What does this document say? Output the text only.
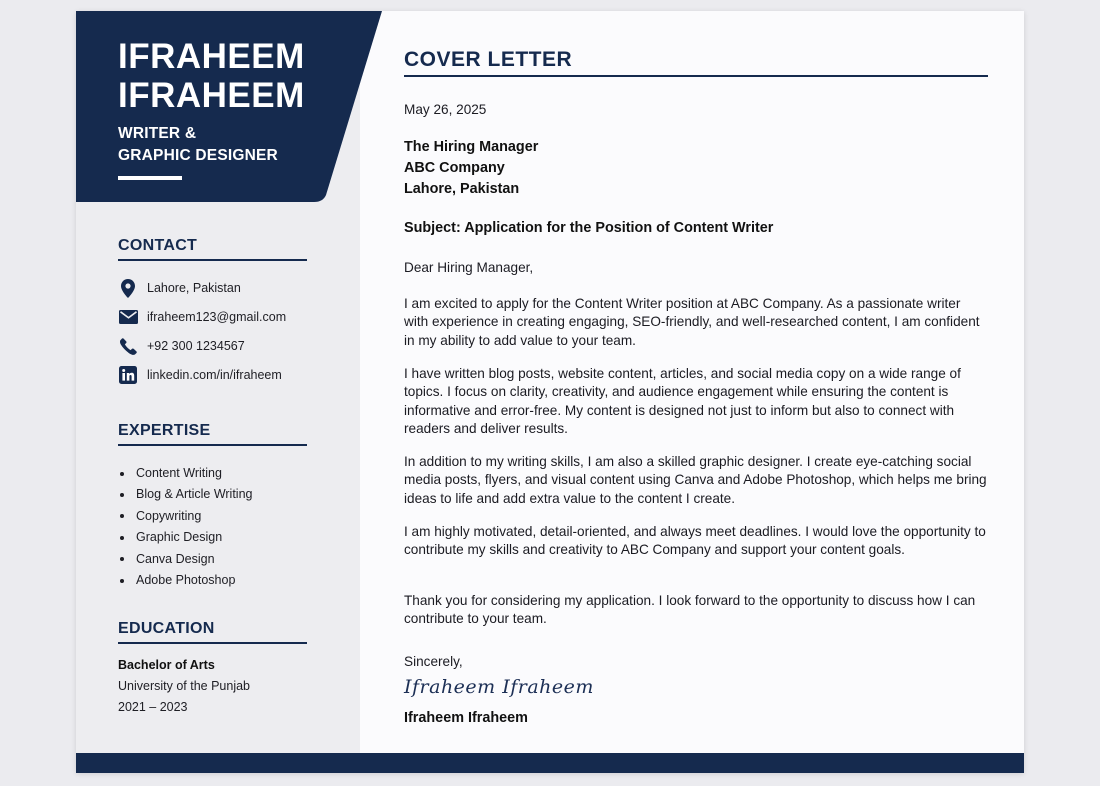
IFRAHEEM
IFRAHEEM
WRITER &
GRAPHIC DESIGNER
CONTACT
Lahore, Pakistan
ifraheem123@gmail.com
+92 300 1234567
linkedin.com/in/ifraheem
EXPERTISE
Content Writing
Blog & Article Writing
Copywriting
Graphic Design
Canva Design
Adobe Photoshop
EDUCATION
Bachelor of Arts
University of the Punjab
2021 – 2023
COVER LETTER
May 26, 2025
The Hiring Manager
ABC Company
Lahore, Pakistan
Subject: Application for the Position of Content Writer
Dear Hiring Manager,
I am excited to apply for the Content Writer position at ABC Company. As a passionate writer with experience in creating engaging, SEO-friendly, and well-researched content, I am confident in my ability to add value to your team.
I have written blog posts, website content, articles, and social media copy on a wide range of topics. I focus on clarity, creativity, and audience engagement while ensuring the content is informative and error-free. My content is designed not just to inform but also to connect with readers and deliver results.
In addition to my writing skills, I am also a skilled graphic designer. I create eye-catching social media posts, flyers, and visual content using Canva and Adobe Photoshop, which helps me bring ideas to life and add extra value to the content I create.
I am highly motivated, detail-oriented, and always meet deadlines. I would love the opportunity to contribute my skills and creativity to ABC Company and support your content goals.
Thank you for considering my application. I look forward to the opportunity to discuss how I can contribute to your team.
Sincerely,
Ifraheem Ifraheem
Ifraheem Ifraheem
